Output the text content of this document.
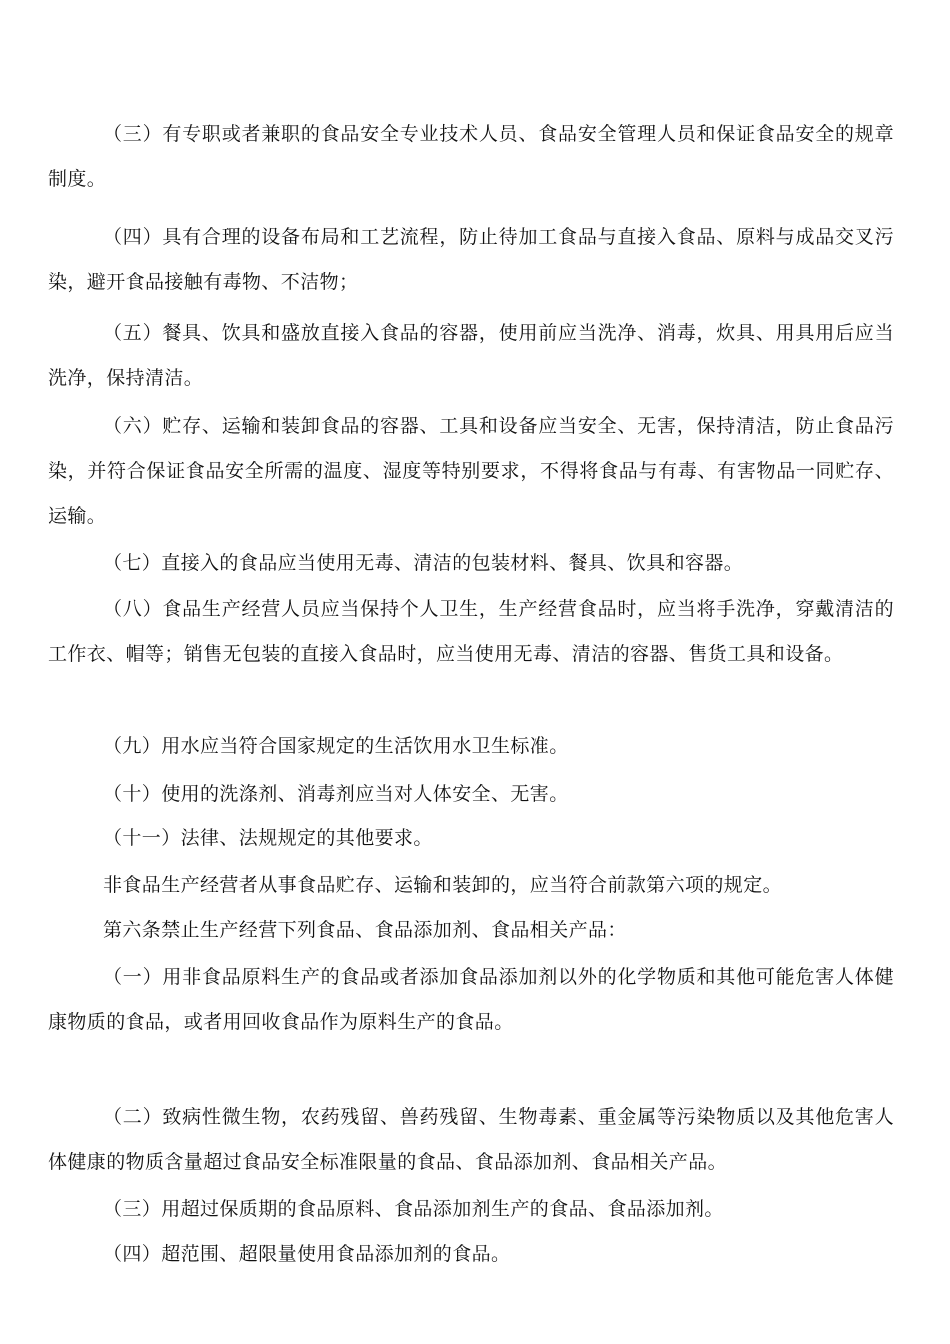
（三）有专职或者兼职的食品安全专业技术人员、食品安全管理人员和保证食品安全的规章制度。

（四）具有合理的设备布局和工艺流程，防止待加工食品与直接入食品、原料与成品交叉污染，避开食品接触有毒物、不洁物；

（五）餐具、饮具和盛放直接入食品的容器，使用前应当洗净、消毒，炊具、用具用后应当洗净，保持清洁。

（六）贮存、运输和装卸食品的容器、工具和设备应当安全、无害，保持清洁，防止食品污染，并符合保证食品安全所需的温度、湿度等特别要求，不得将食品与有毒、有害物品一同贮存、运输。

（七）直接入的食品应当使用无毒、清洁的包装材料、餐具、饮具和容器。

（八）食品生产经营人员应当保持个人卫生，生产经营食品时，应当将手洗净，穿戴清洁的工作衣、帽等；销售无包装的直接入食品时，应当使用无毒、清洁的容器、售货工具和设备。

（九）用水应当符合国家规定的生活饮用水卫生标准。

（十）使用的洗涤剂、消毒剂应当对人体安全、无害。

（十一）法律、法规规定的其他要求。

非食品生产经营者从事食品贮存、运输和装卸的，应当符合前款第六项的规定。

第六条禁止生产经营下列食品、食品添加剂、食品相关产品：

（一）用非食品原料生产的食品或者添加食品添加剂以外的化学物质和其他可能危害人体健康物质的食品，或者用回收食品作为原料生产的食品。

（二）致病性微生物，农药残留、兽药残留、生物毒素、重金属等污染物质以及其他危害人体健康的物质含量超过食品安全标准限量的食品、食品添加剂、食品相关产品。

（三）用超过保质期的食品原料、食品添加剂生产的食品、食品添加剂。

（四）超范围、超限量使用食品添加剂的食品。
